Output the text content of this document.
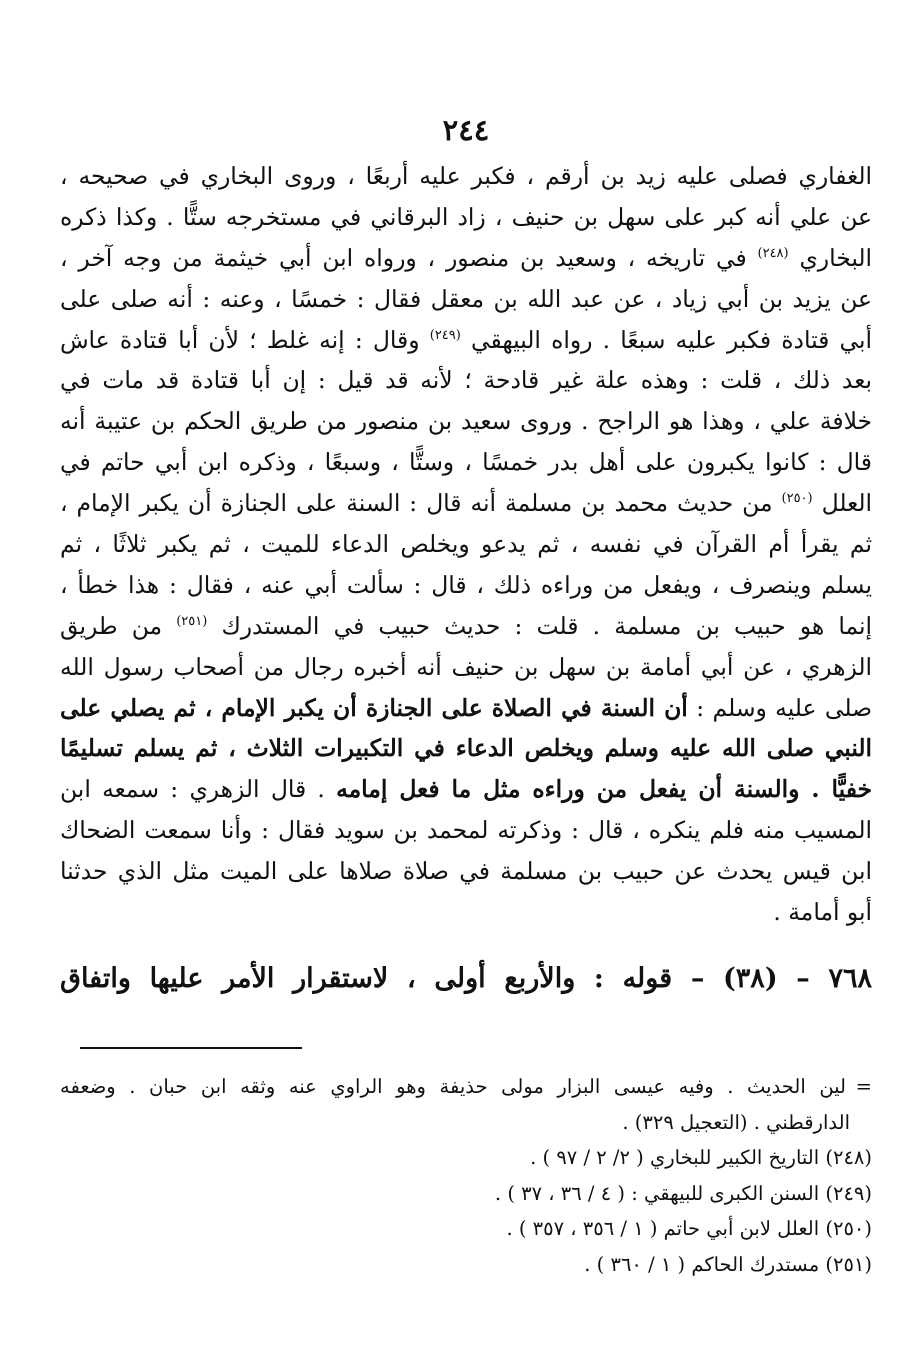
٢٤٤
الغفاري فصلى عليه زيد بن أرقم ، فكبر عليه أربعًا ، وروى البخاري في صحيحه ،
عن علي أنه كبر على سهل بن حنيف ، زاد البرقاني في مستخرجه ستًّا . وكذا ذكره
البخاري $^{(٢٤٨)}$ في تاريخه ، وسعيد بن منصور ، ورواه ابن أبي خيثمة من وجه آخر ،
عن يزيد بن أبي زياد ، عن عبد الله بن معقل فقال : خمسًا ، وعنه : أنه صلى على
أبي قتادة فكبر عليه سبعًا . رواه البيهقي $^{(٢٤٩)}$ وقال : إنه غلط ؛ لأن أبا قتادة عاش
بعد ذلك ، قلت : وهذه علة غير قادحة ؛ لأنه قد قيل : إن أبا قتادة قد مات في
خلافة علي ، وهذا هو الراجح . وروى سعيد بن منصور من طريق الحكم بن عتيبة أنه
قال : كانوا يكبرون على أهل بدر خمسًا ، وستًّا ، وسبعًا ، وذكره ابن أبي حاتم في
العلل $^{(٢٥٠)}$ من حديث محمد بن مسلمة أنه قال : السنة على الجنازة أن يكبر الإمام ،
ثم يقرأ أم القرآن في نفسه ، ثم يدعو ويخلص الدعاء للميت ، ثم يكبر ثلاثًا ، ثم
يسلم وينصرف ، ويفعل من وراءه ذلك ، قال : سألت أبي عنه ، فقال : هذا خطأ ،
إنما هو حبيب بن مسلمة . قلت : حديث حبيب في المستدرك $^{(٢٥١)}$ من طريق
الزهري ، عن أبي أمامة بن سهل بن حنيف أنه أخبره رجال من أصحاب رسول الله
صلى عليه وسلم : أن السنة في الصلاة على الجنازة أن يكبر الإمام ، ثم يصلي على
النبي صلى الله عليه وسلم ويخلص الدعاء في التكبيرات الثلاث ، ثم يسلم تسليمًا
خفيًّا . والسنة أن يفعل من وراءه مثل ما فعل إمامه . قال الزهري : سمعه ابن
المسيب منه فلم ينكره ، قال : وذكرته لمحمد بن سويد فقال : وأنا سمعت الضحاك
ابن قيس يحدث عن حبيب بن مسلمة في صلاة صلاها على الميت مثل الذي حدثنا
أبو أمامة .
٧٦٨ – (٣٨) – قوله : والأربع أولى ، لاستقرار الأمر عليها واتفاق
=لين الحديث . وفيه عيسى البزار مولى حذيفة وهو الراوي عنه وثقه ابن حبان . وضعفه
الدارقطني . (التعجيل ٣٢٩) .
(٢٤٨) التاريخ الكبير للبخاري ( ٢/ ٢ / ٩٧ ) .
(٢٤٩) السنن الكبرى للبيهقي : ( ٤ / ٣٦ ، ٣٧ ) .
(٢٥٠) العلل لابن أبي حاتم ( ١ / ٣٥٦ ، ٣٥٧ ) .
(٢٥١) مستدرك الحاكم ( ١ / ٣٦٠ ) .
